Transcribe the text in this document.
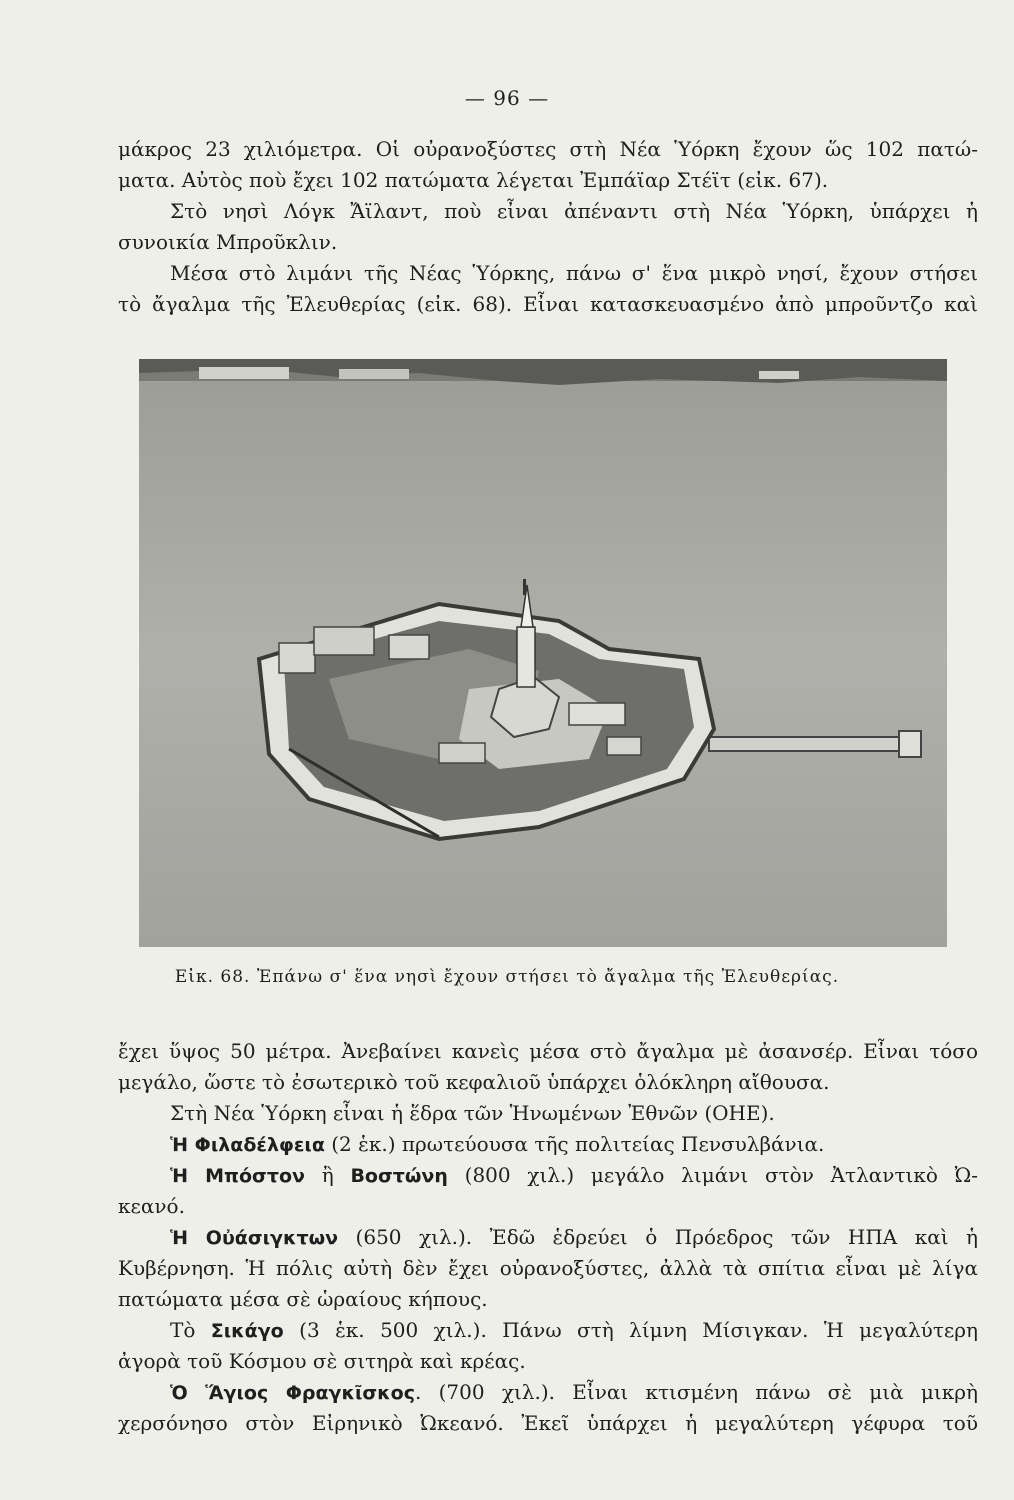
— 96 —
μάκρος 23 χιλιόμετρα. Οἱ οὐρανοξύστες στὴ Νέα Ὑόρκη ἔχουν ὥς 102 πατώ-
ματα. Αὐτὸς ποὺ ἔχει 102 πατώματα λέγεται Ἐμπάϊαρ Στέϊτ (εἰκ. 67).
Στὸ νησὶ Λόγκ Ἄϊλαντ, ποὺ εἶναι ἀπέναντι στὴ Νέα Ὑόρκη, ὑπάρχει ἡ
συνοικία Μπροῦκλιν.
Μέσα στὸ λιμάνι τῆς Νέας Ὑόρκης, πάνω σ' ἕνα μικρὸ νησί, ἔχουν στήσει
τὸ ἄγαλμα τῆς Ἐλευθερίας (εἰκ. 68). Εἶναι κατασκευασμένο ἀπὸ μπροῦντζο καὶ
Εἰκ. 68. Ἐπάνω σ' ἕνα νησὶ ἔχουν στήσει τὸ ἄγαλμα τῆς Ἐλευθερίας.
ἔχει ὕψος 50 μέτρα. Ἀνεβαίνει κανεὶς μέσα στὸ ἄγαλμα μὲ ἀσανσέρ. Εἶναι τόσο
μεγάλο, ὥστε τὸ ἐσωτερικὸ τοῦ κεφαλιοῦ ὑπάρχει ὁλόκληρη αἴθουσα.
Στὴ Νέα Ὑόρκη εἶναι ἡ ἕδρα τῶν Ἡνωμένων Ἐθνῶν (ΟΗΕ).
Ἡ Φιλαδέλφεια (2 ἑκ.) πρωτεύουσα τῆς πολιτείας Πενσυλβάνια.
Ἡ Μπόστον ἢ Βοστώνη (800 χιλ.) μεγάλο λιμάνι στὸν Ἀτλαντικὸ Ὠ-
κεανό.
Ἡ Οὐάσιγκτων (650 χιλ.). Ἐδῶ ἑδρεύει ὁ Πρόεδρος τῶν ΗΠΑ καὶ ἡ
Κυβέρνηση. Ἡ πόλις αὐτὴ δὲν ἔχει οὐρανοξύστες, ἀλλὰ τὰ σπίτια εἶναι μὲ λίγα
πατώματα μέσα σὲ ὡραίους κήπους.
Τὸ Σικάγο (3 ἑκ. 500 χιλ.). Πάνω στὴ λίμνη Μίσιγκαν. Ἡ μεγαλύτερη
ἀγορὰ τοῦ Κόσμου σὲ σιτηρὰ καὶ κρέας.
Ὁ Ἅγιος Φραγκῖσκος. (700 χιλ.). Εἶναι κτισμένη πάνω σὲ μιὰ μικρὴ
χερσόνησο στὸν Εἰρηνικὸ Ὠκεανό. Ἐκεῖ ὑπάρχει ἡ μεγαλύτερη γέφυρα τοῦ
